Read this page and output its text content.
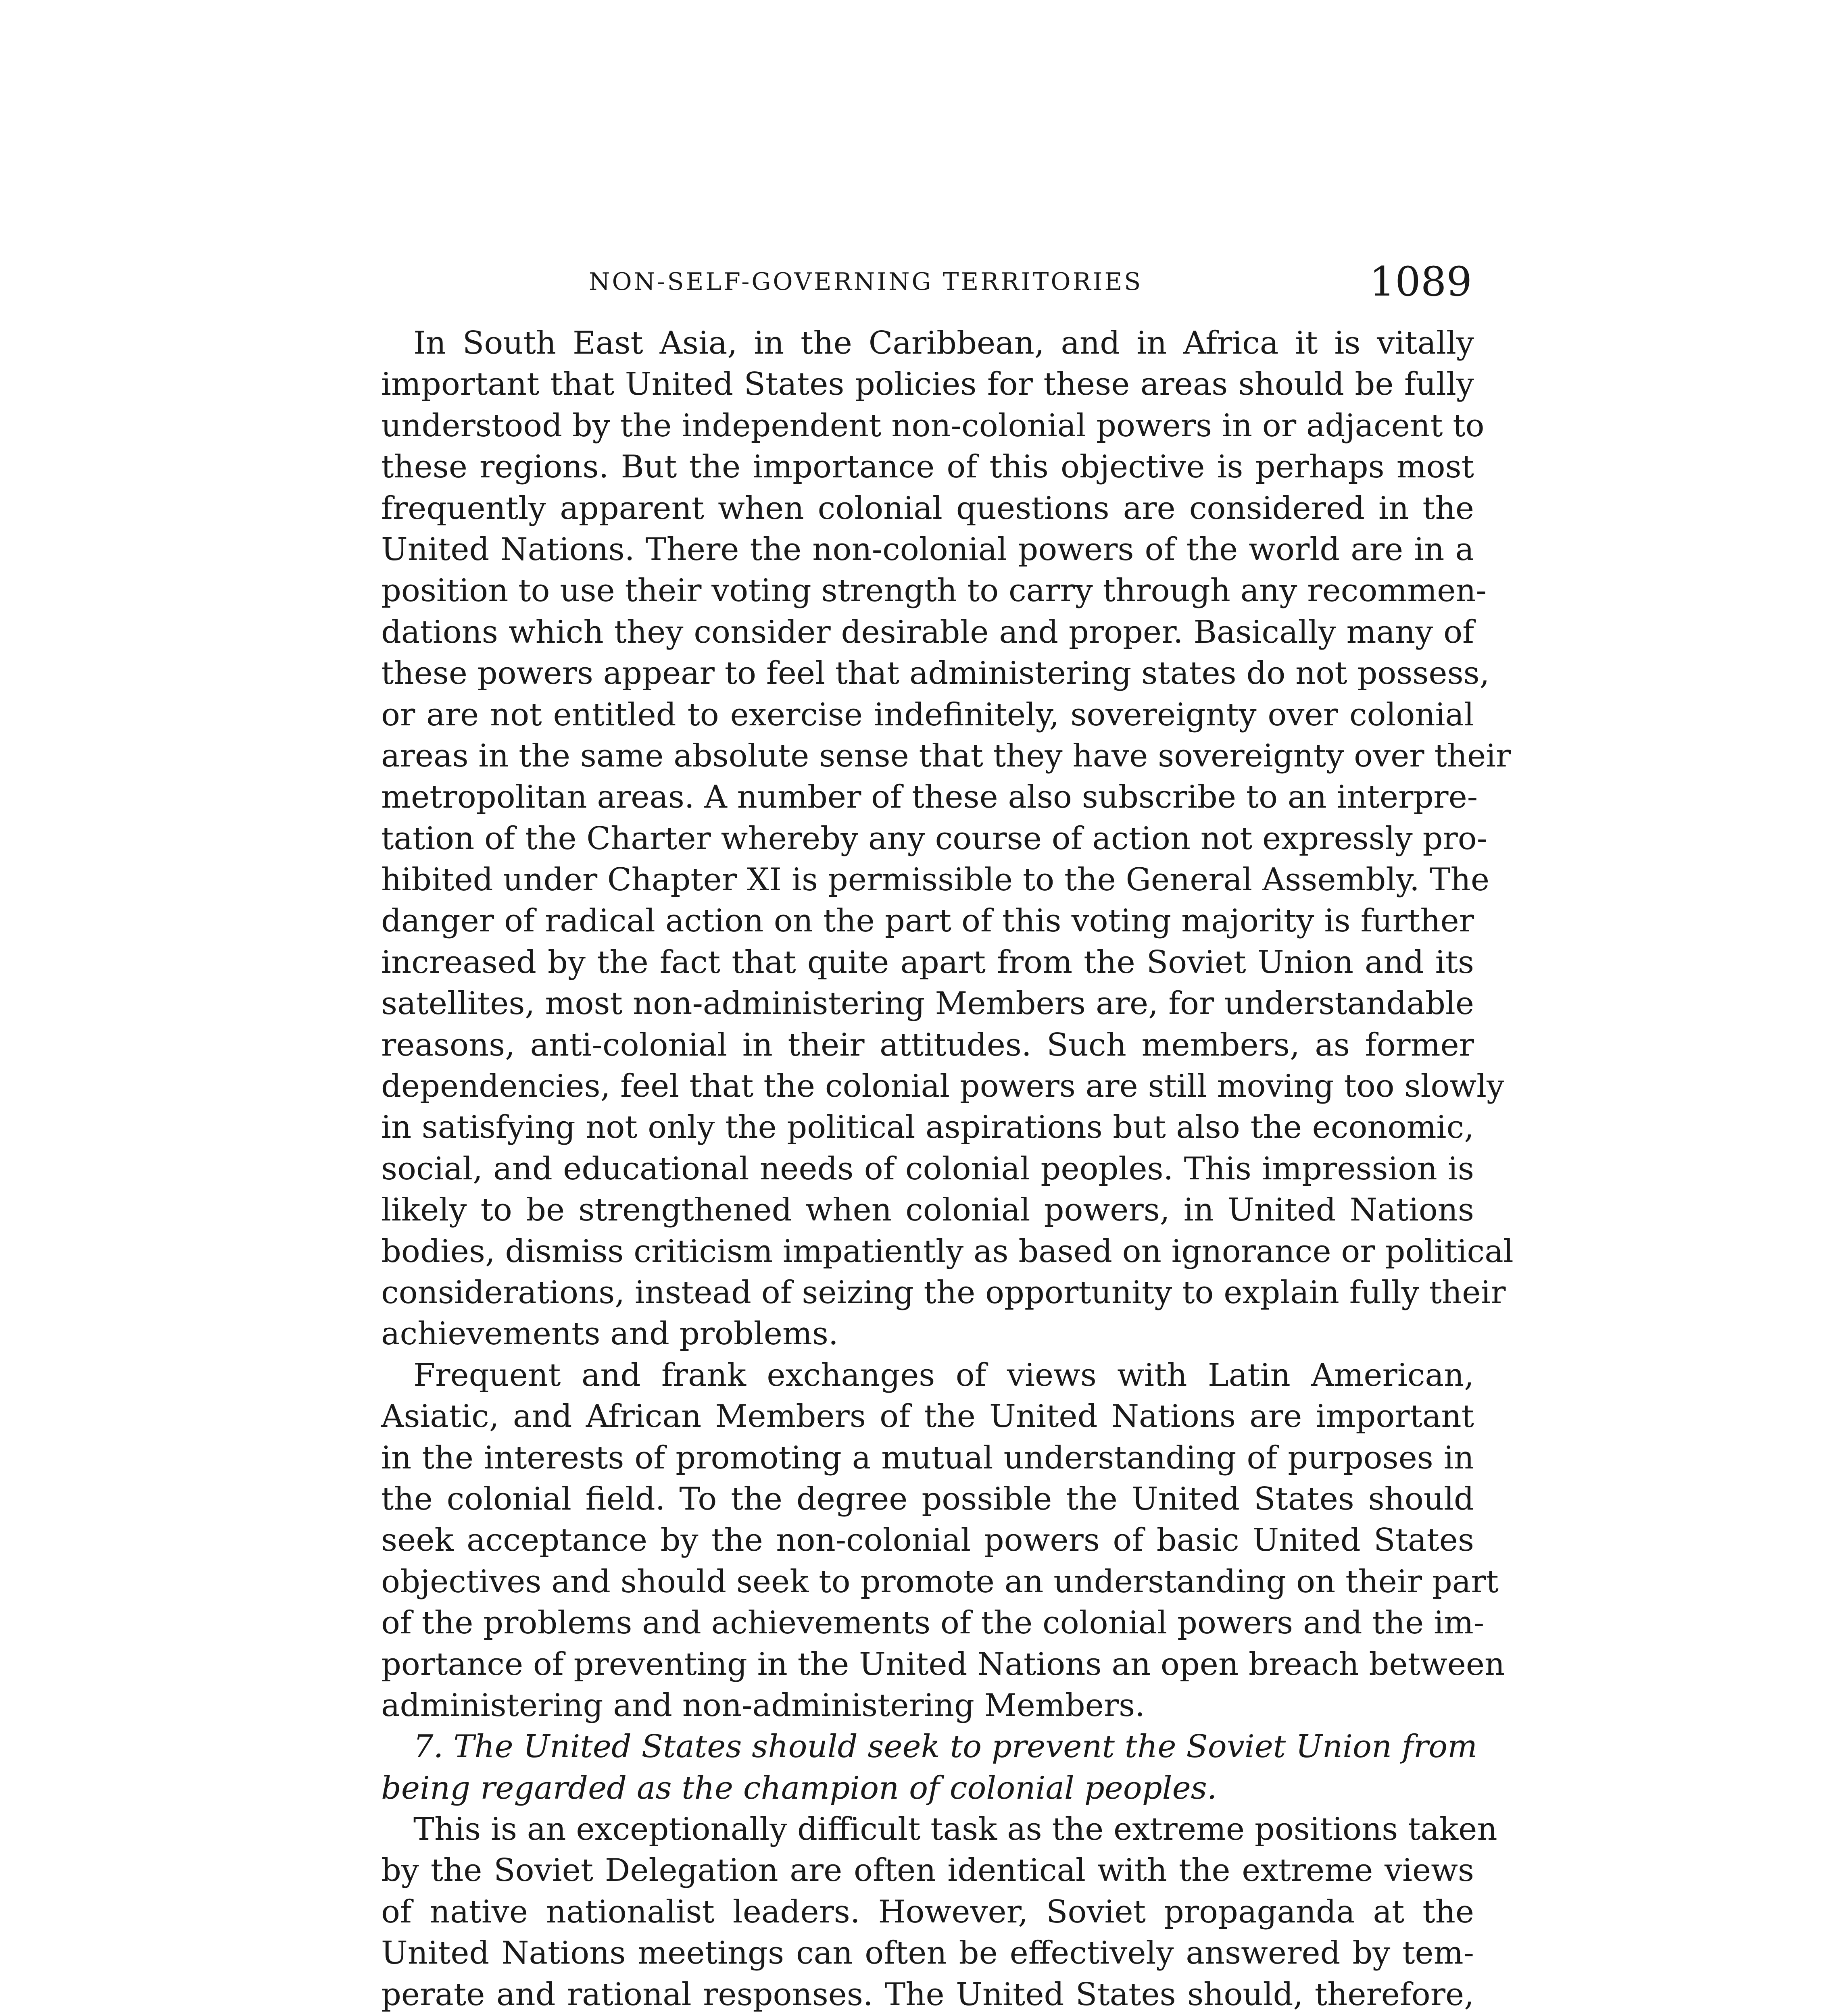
NON-SELF-GOVERNING TERRITORIES	1089
In South East Asia, in the Caribbean, and in Africa it is vitally
important that United States policies for these areas should be fully
understood by the independent non-colonial powers in or adjacent to
these regions. But the importance of this objective is perhaps most
frequently apparent when colonial questions are considered in the
United Nations. There the non-colonial powers of the world are in a
position to use their voting strength to carry through any recommen-
dations which they consider desirable and proper. Basically many of
these powers appear to feel that administering states do not possess,
or are not entitled to exercise indefinitely, sovereignty over colonial
areas in the same absolute sense that they have sovereignty over their
metropolitan areas. A number of these also subscribe to an interpre-
tation of the Charter whereby any course of action not expressly pro-
hibited under Chapter XI is permissible to the General Assembly. The
danger of radical action on the part of this voting majority is further
increased by the fact that quite apart from the Soviet Union and its
satellites, most non-administering Members are, for understandable
reasons, anti-colonial in their attitudes. Such members, as former
dependencies, feel that the colonial powers are still moving too slowly
in satisfying not only the political aspirations but also the economic,
social, and educational needs of colonial peoples. This impression is
likely to be strengthened when colonial powers, in United Nations
bodies, dismiss criticism impatiently as based on ignorance or political
considerations, instead of seizing the opportunity to explain fully their
achievements and problems.
Frequent and frank exchanges of views with Latin American,
Asiatic, and African Members of the United Nations are important
in the interests of promoting a mutual understanding of purposes in
the colonial field. To the degree possible the United States should
seek acceptance by the non-colonial powers of basic United States
objectives and should seek to promote an understanding on their part
of the problems and achievements of the colonial powers and the im-
portance of preventing in the United Nations an open breach between
administering and non-administering Members.
7. The United States should seek to prevent the Soviet Union from
being regarded as the champion of colonial peoples.
This is an exceptionally difficult task as the extreme positions taken
by the Soviet Delegation are often identical with the extreme views
of native nationalist leaders. However, Soviet propaganda at the
United Nations meetings can often be effectively answered by tem-
perate and rational responses. The United States should, therefore,
